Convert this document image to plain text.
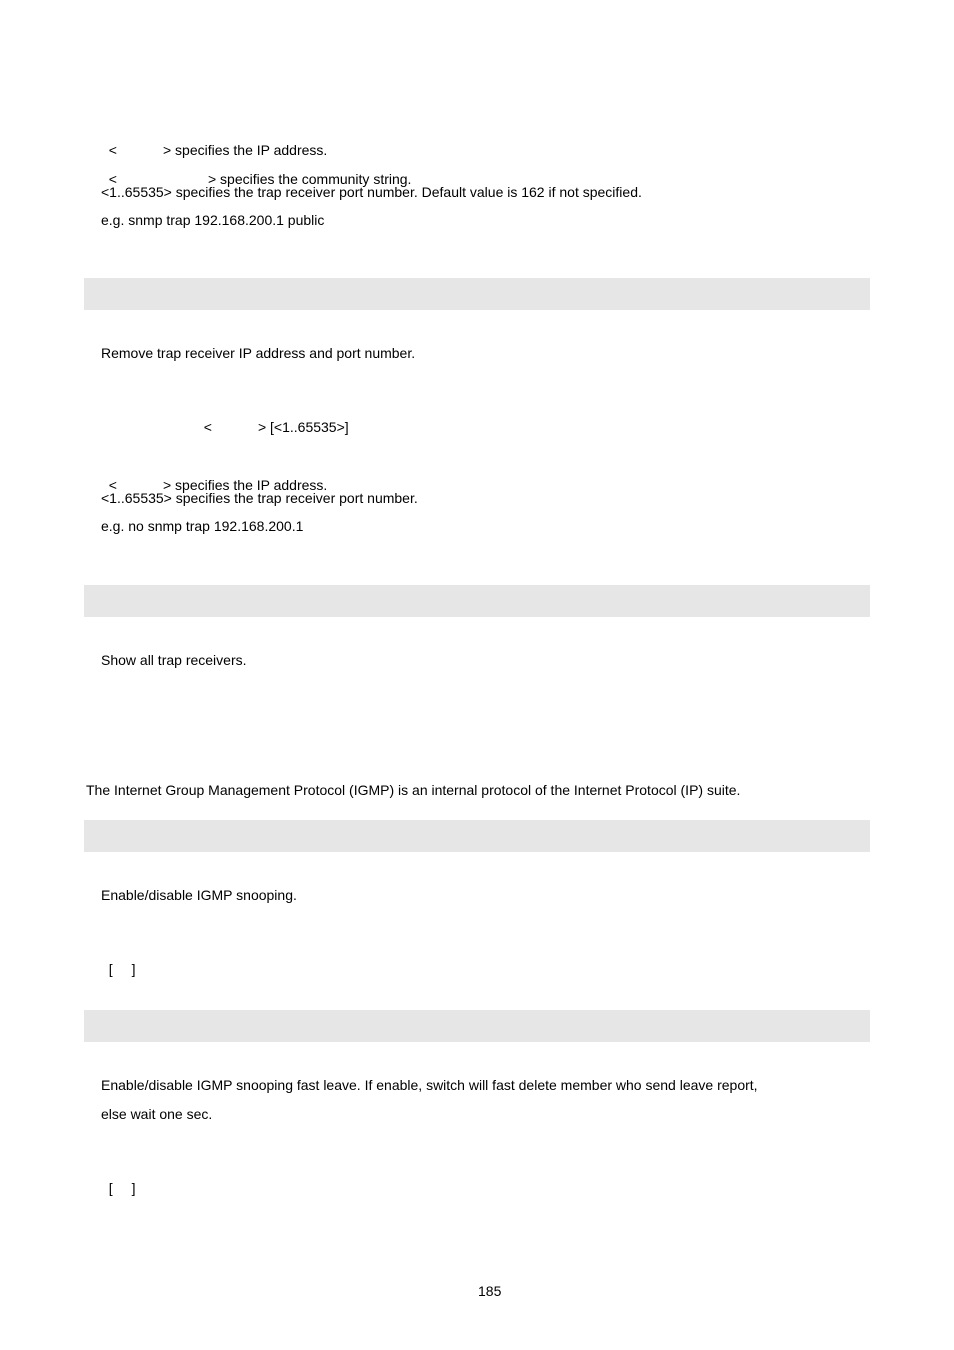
<	> specifies the IP address.

<	> specifies the community string.

<1..65535> specifies the trap receiver port number. Default value is 162 if not specified.
e.g. snmp trap 192.168.200.1 public
Remove trap receiver IP address and port number.

<	> [<1..65535>]

<	> specifies the IP address.

<1..65535> specifies the trap receiver port number.
e.g. no snmp trap 192.168.200.1
Show all trap receivers.
The Internet Group Management Protocol (IGMP) is an internal protocol of the Internet Protocol (IP) suite.
Enable/disable IGMP snooping.

[ ]

Enable/disable IGMP snooping fast leave. If enable, switch will fast delete member who send leave report,
else wait one sec.

[ ]

185
